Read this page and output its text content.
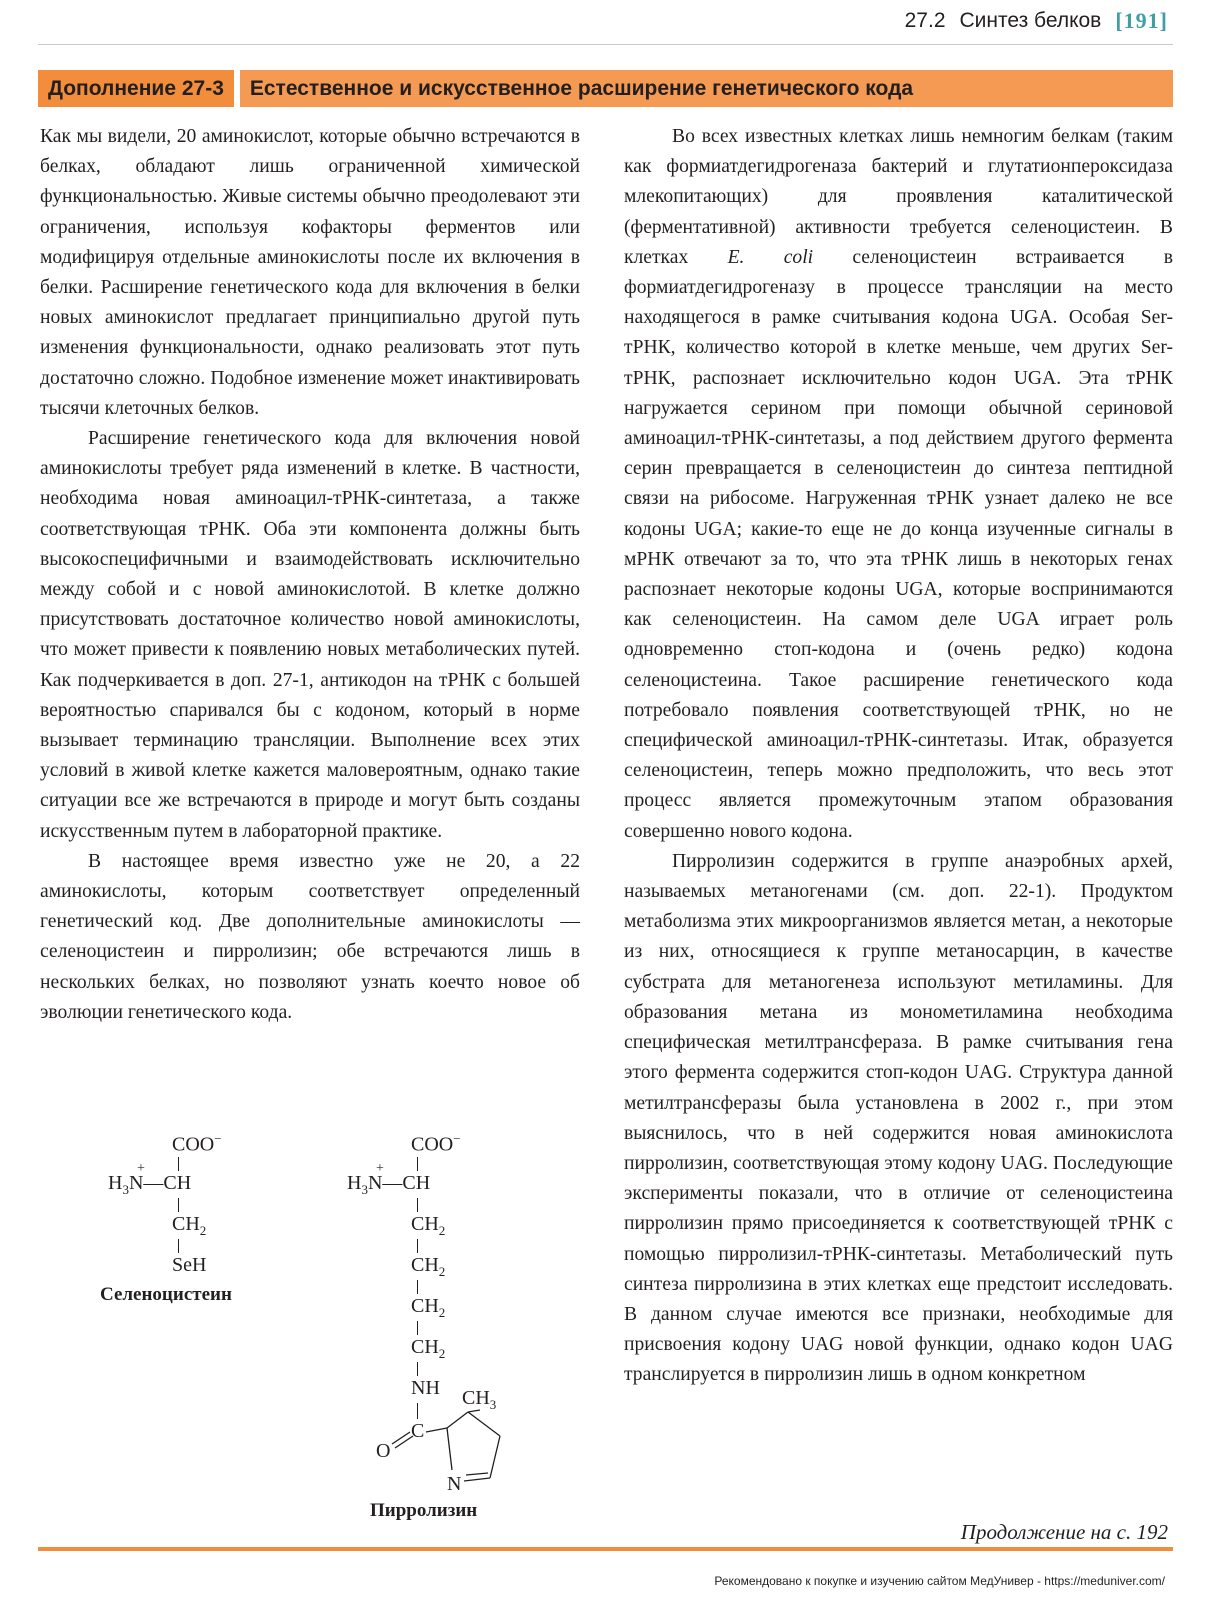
27.2 Синтез белков [191]
Дополнение 27-3	Естественное и искусственное расширение генетического кода

Как мы видели, 20 аминокислот, которые обычно встречаются в белках, обладают лишь ограниченной химической функциональностью. Живые системы обычно преодолевают эти ограничения, используя кофакторы ферментов или модифицируя отдельные аминокислоты после их включения в белки. Расширение генетического кода для включения в белки новых аминокислот предлагает принципиально другой путь изменения функциональности, однако реализовать этот путь достаточно сложно. Подобное изменение может инактивировать тысячи клеточных белков.

Расширение генетического кода для включения новой аминокислоты требует ряда изменений в клетке. В частности, необходима новая аминоацил-тРНК-синтетаза, а также соответствующая тРНК. Оба эти компонента должны быть высокоспецифичными и взаимодействовать исключительно между собой и с новой аминокислотой. В клетке должно присутствовать достаточное количество новой аминокислоты, что может привести к появлению новых метаболических путей. Как подчеркивается в доп. 27-1, антикодон на тРНК с большей вероятностью спаривался бы с кодоном, который в норме вызывает терминацию трансляции. Выполнение всех этих условий в живой клетке кажется маловероятным, однако такие ситуации все же встречаются в природе и могут быть созданы искусственным путем в лабораторной практике.

В настоящее время известно уже не 20, а 22 аминокислоты, которым соответствует определенный генетический код. Две дополнительные аминокислоты — селеноцистеин и пирролизин; обе встречаются лишь в нескольких белках, но позволяют узнать коечто новое об эволюции генетического кода.

Во всех известных клетках лишь немногим белкам (таким как формиатдегидрогеназа бактерий и глутатионпероксидаза млекопитающих) для проявления каталитической (ферментативной) активности требуется селеноцистеин. В клетках E. coli селеноцистеин встраивается в формиатдегидрогеназу в процессе трансляции на место находящегося в рамке считывания кодона UGA. Особая Ser-тРНК, количество которой в клетке меньше, чем других Ser-тРНК, распознает исключительно кодон UGA. Эта тРНК нагружается серином при помощи обычной сериновой аминоацил-тРНК-синтетазы, а под действием другого фермента серин превращается в селеноцистеин до синтеза пептидной связи на рибосоме. Нагруженная тРНК узнает далеко не все кодоны UGA; какие-то еще не до конца изученные сигналы в мРНК отвечают за то, что эта тРНК лишь в некоторых генах распознает некоторые кодоны UGA, которые воспринимаются как селеноцистеин. На самом деле UGA играет роль одновременно стоп-кодона и (очень редко) кодона селеноцистеина. Такое расширение генетического кода потребовало появления соответствующей тРНК, но не специфической аминоацил-тРНК-синтетазы. Итак, образуется селеноцистеин, теперь можно предположить, что весь этот процесс является промежуточным этапом образования совершенно нового кодона.

Пирролизин содержится в группе анаэробных архей, называемых метаногенами (см. доп. 22-1). Продуктом метаболизма этих микроорганизмов является метан, а некоторые из них, относящиеся к группе метаносарцин, в качестве субстрата для метаногенеза используют метиламины. Для образования метана из монометиламина необходима специфическая метилтрансфераза. В рамке считывания гена этого фермента содержится стоп-кодон UAG. Структура данной метилтрансферазы была установлена в 2002 г., при этом выяснилось, что в ней содержится новая аминокислота пирролизин, соответствующая этому кодону UAG. Последующие эксперименты показали, что в отличие от селеноцистеина пирролизин прямо присоединяется к соответствующей тРНК с помощью пирролизил-тРНК-синтетазы. Метаболический путь синтеза пирролизина в этих клетках еще предстоит исследовать. В данном случае имеются все признаки, необходимые для присвоения кодону UAG новой функции, однако кодон UAG транслируется в пирролизин лишь в одном конкретном

COO−
+
$H_3N—CH$
$CH_2$
SeH
Селеноцистеин
COO−
+
$H_3N—CH$
$CH_2$
$CH_2$
$CH_2$
$CH_2$
NH $CH_3$
C
O
N
Пирролизин
Продолжение на с. 192
Рекомендовано к покупке и изучению сайтом МедУнивер - https://meduniver.com/
